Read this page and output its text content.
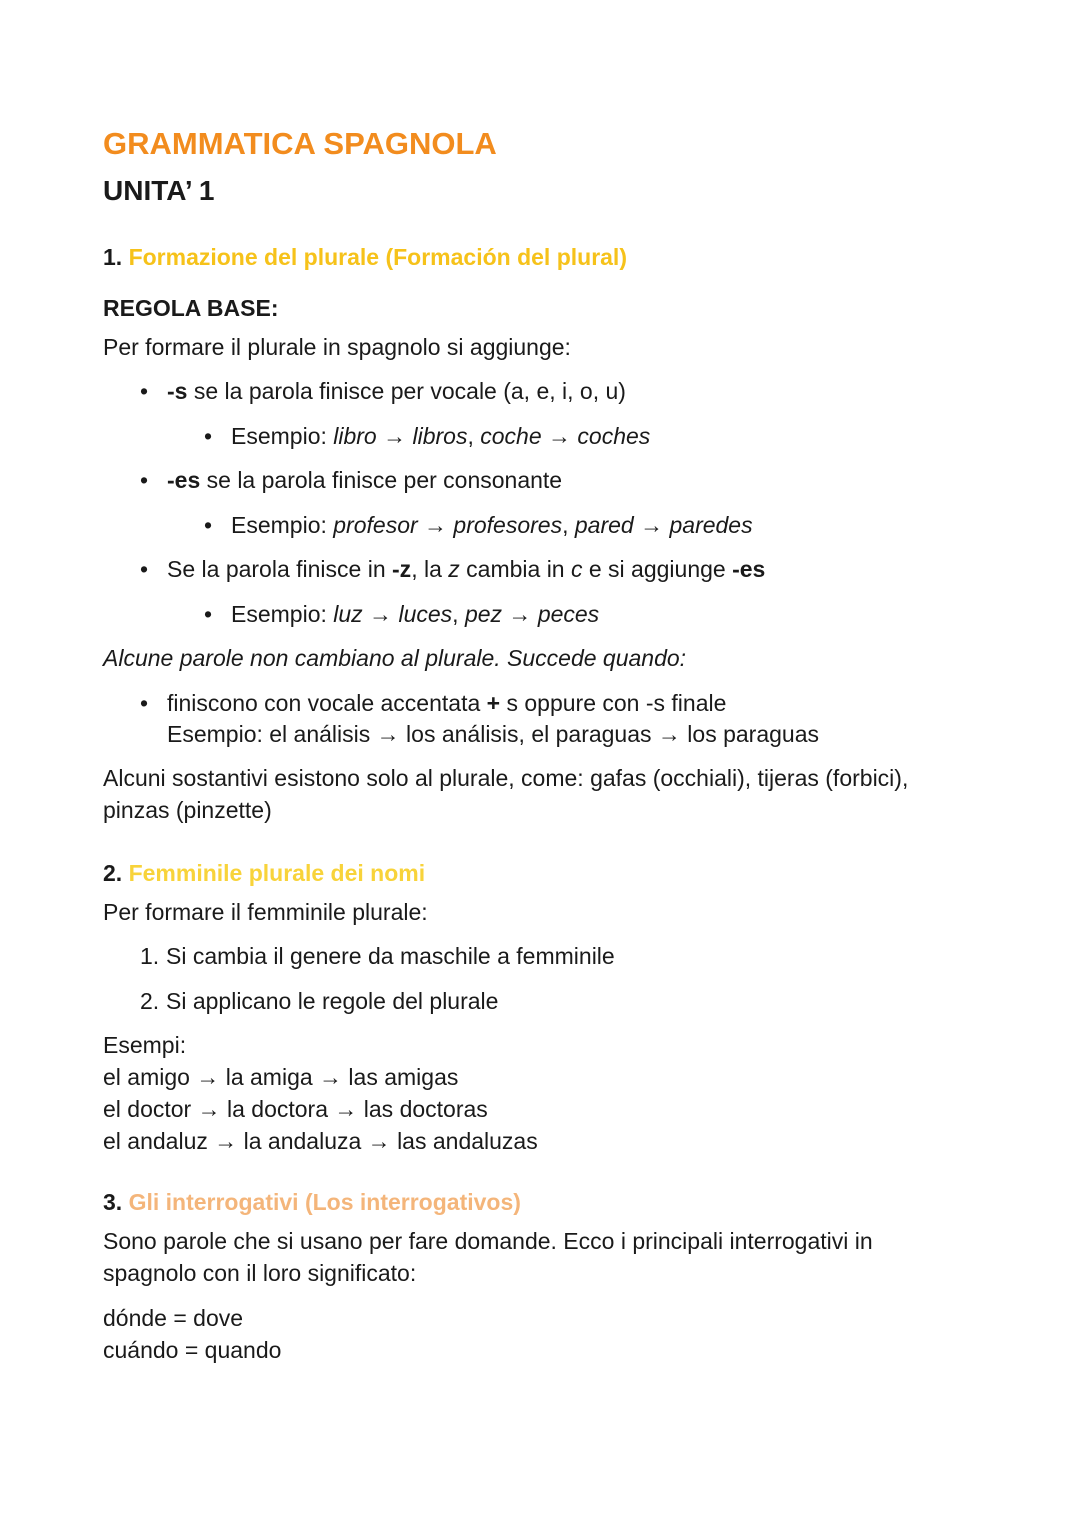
GRAMMATICA SPAGNOLA
UNITA’ 1
1. Formazione del plurale (Formación del plural)
REGOLA BASE:
Per formare il plurale in spagnolo si aggiunge:
• -s se la parola finisce per vocale (a, e, i, o, u)
• Esempio: libro → libros, coche → coches
• -es se la parola finisce per consonante
• Esempio: profesor → profesores, pared → paredes
• Se la parola finisce in -z, la z cambia in c e si aggiunge -es
• Esempio: luz → luces, pez → peces
Alcune parole non cambiano al plurale. Succede quando:
• finiscono con vocale accentata + s oppure con -s finale
Esempio: el análisis → los análisis, el paraguas → los paraguas
Alcuni sostantivi esistono solo al plurale, come: gafas (occhiali), tijeras (forbici),
pinzas (pinzette)
2. Femminile plurale dei nomi
Per formare il femminile plurale:
1. Si cambia il genere da maschile a femminile
2. Si applicano le regole del plurale
Esempi:
el amigo → la amiga → las amigas
el doctor → la doctora → las doctoras
el andaluz → la andaluza → las andaluzas
3. Gli interrogativi (Los interrogativos)
Sono parole che si usano per fare domande. Ecco i principali interrogativi in
spagnolo con il loro significato:
dónde = dove
cuándo = quando
